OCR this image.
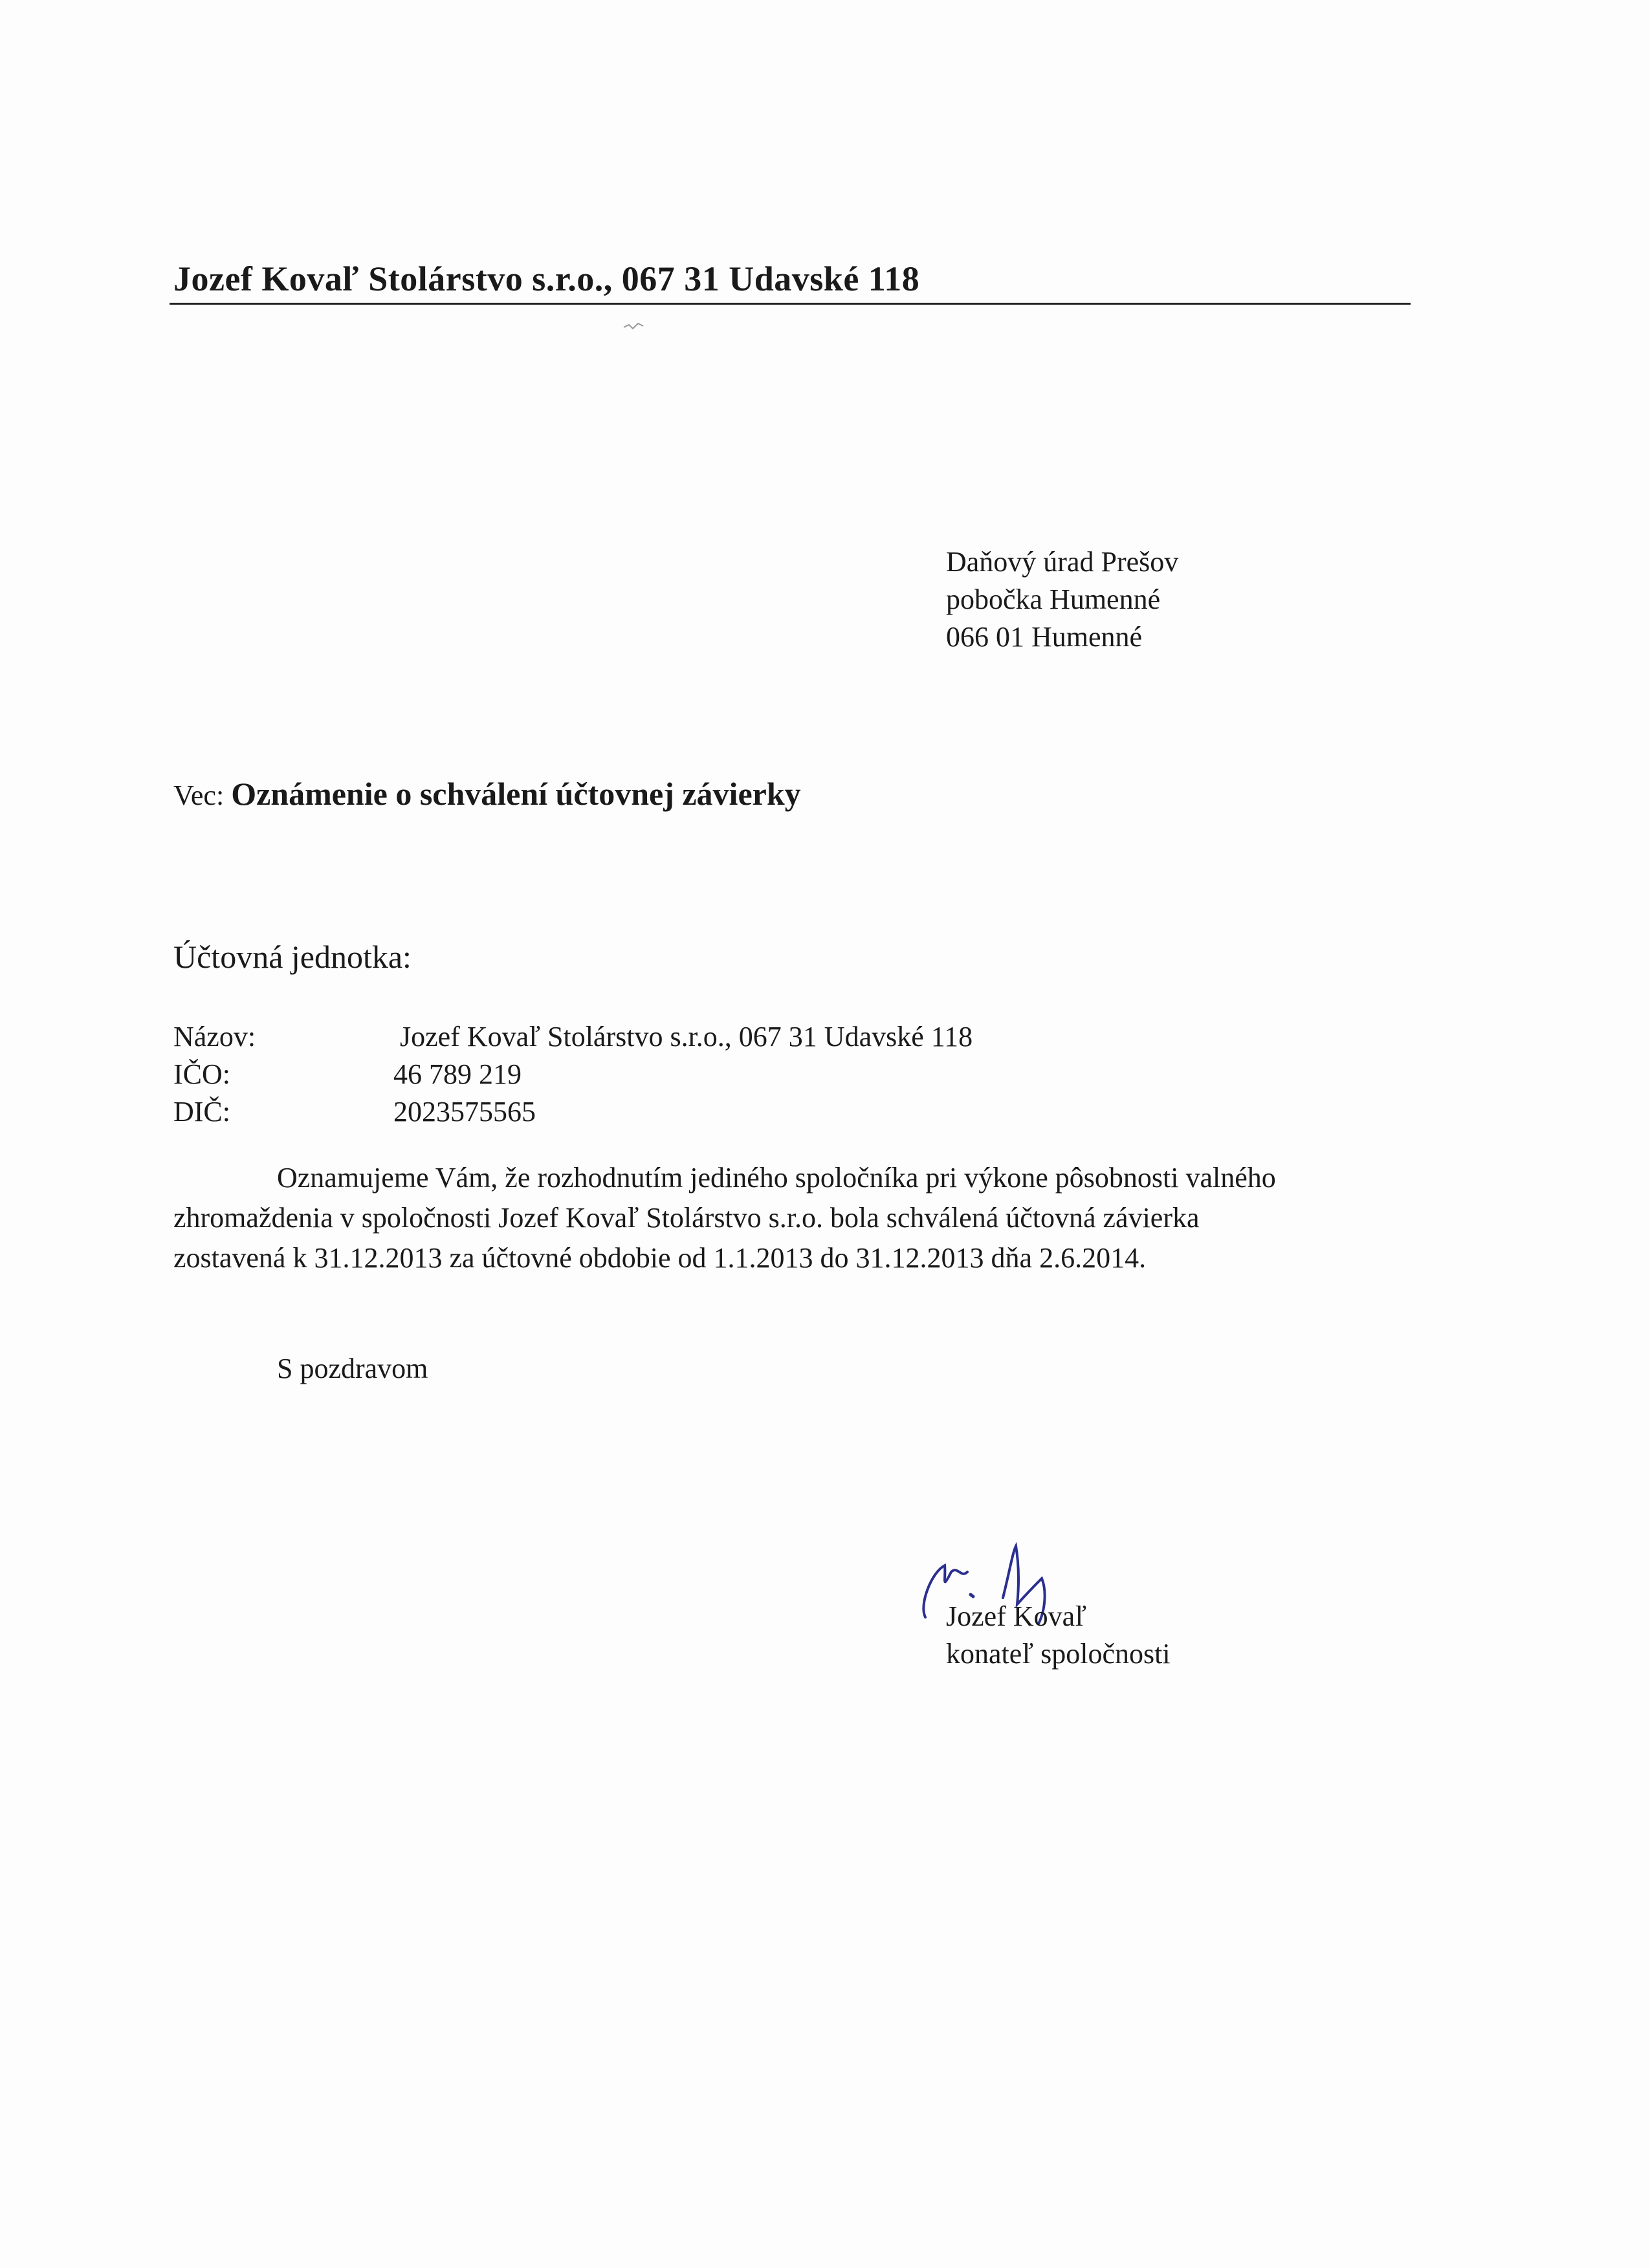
Jozef Kovaľ Stolárstvo s.r.o., 067 31 Udavské 118
Daňový úrad Prešov
pobočka Humenné
066 01 Humenné
Vec: Oznámenie o schválení účtovnej závierky
Účtovná jednotka:
Názov:	Jozef Kovaľ Stolárstvo s.r.o., 067 31 Udavské 118
IČO:	46 789 219
DIČ:	2023575565
Oznamujeme Vám, že rozhodnutím jediného spoločníka pri výkone pôsobnosti valného zhromaždenia v spoločnosti Jozef Kovaľ Stolárstvo s.r.o. bola schválená účtovná závierka zostavená k 31.12.2013 za účtovné obdobie od 1.1.2013 do 31.12.2013 dňa 2.6.2014.
S pozdravom
Jozef Kovaľ
konateľ spoločnosti
